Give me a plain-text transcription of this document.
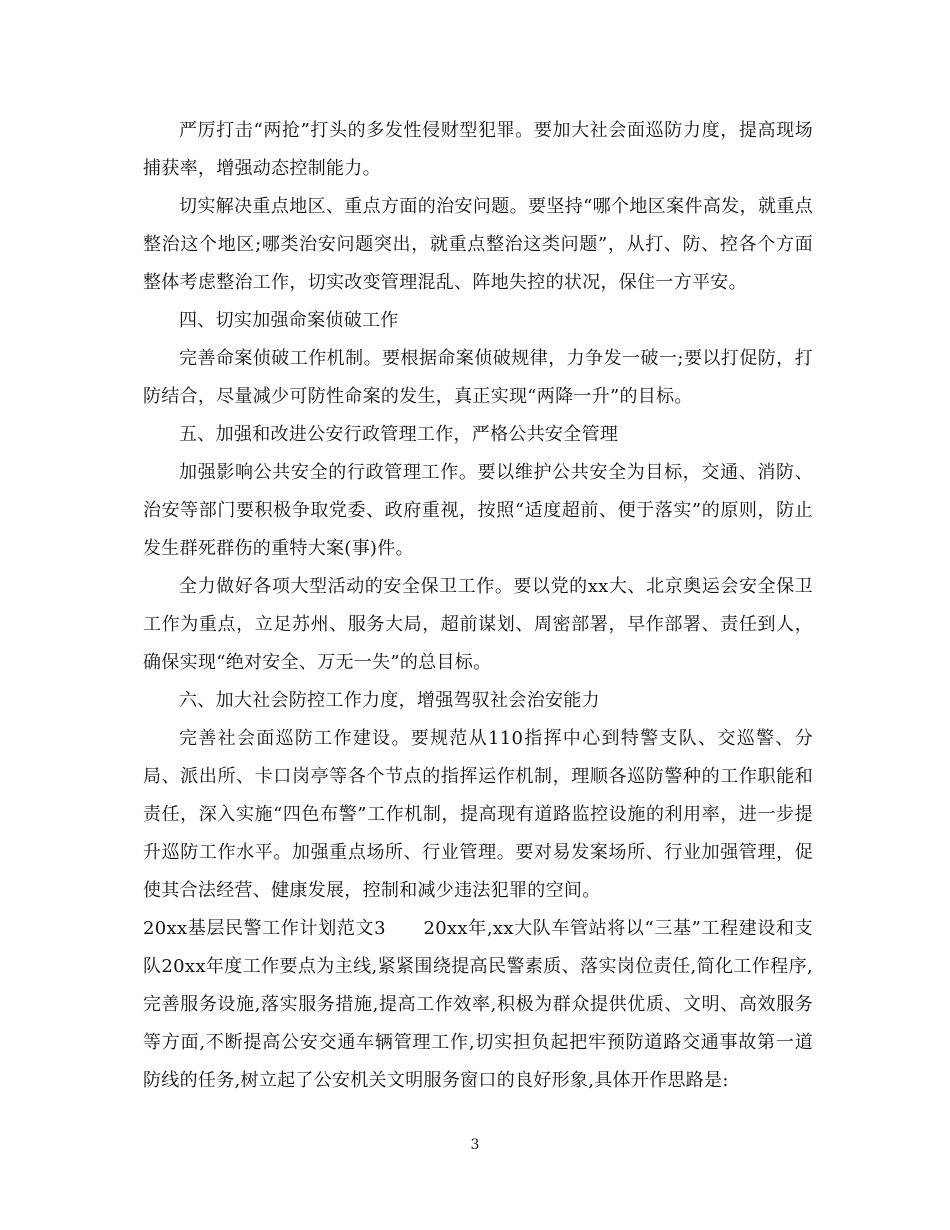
严厉打击“两抢”打头的多发性侵财型犯罪。要加大社会面巡防力度，提高现场捕获率，增强动态控制能力。

切实解决重点地区、重点方面的治安问题。要坚持“哪个地区案件高发，就重点整治这个地区;哪类治安问题突出，就重点整治这类问题”，从打、防、控各个方面整体考虑整治工作，切实改变管理混乱、阵地失控的状况，保住一方平安。

四、切实加强命案侦破工作

完善命案侦破工作机制。要根据命案侦破规律，力争发一破一;要以打促防，打防结合，尽量减少可防性命案的发生，真正实现“两降一升”的目标。

五、加强和改进公安行政管理工作，严格公共安全管理

加强影响公共安全的行政管理工作。要以维护公共安全为目标，交通、消防、治安等部门要积极争取党委、政府重视，按照“适度超前、便于落实”的原则，防止发生群死群伤的重特大案(事)件。

全力做好各项大型活动的安全保卫工作。要以党的xx大、北京奥运会安全保卫工作为重点，立足苏州、服务大局，超前谋划、周密部署，早作部署、责任到人，确保实现“绝对安全、万无一失”的总目标。

六、加大社会防控工作力度，增强驾驭社会治安能力

完善社会面巡防工作建设。要规范从110指挥中心到特警支队、交巡警、分局、派出所、卡口岗亭等各个节点的指挥运作机制，理顺各巡防警种的工作职能和责任，深入实施“四色布警”工作机制，提高现有道路监控设施的利用率，进一步提升巡防工作水平。加强重点场所、行业管理。要对易发案场所、行业加强管理，促使其合法经营、健康发展，控制和减少违法犯罪的空间。

20xx基层民警工作计划范文3　　20xx年,xx大队车管站将以“三基”工程建设和支队20xx年度工作要点为主线,紧紧围绕提高民警素质、落实岗位责任,简化工作程序,完善服务设施,落实服务措施,提高工作效率,积极为群众提供优质、文明、高效服务等方面,不断提高公安交通车辆管理工作,切实担负起把牢预防道路交通事故第一道防线的任务,树立起了公安机关文明服务窗口的良好形象,具体开作思路是:

3
